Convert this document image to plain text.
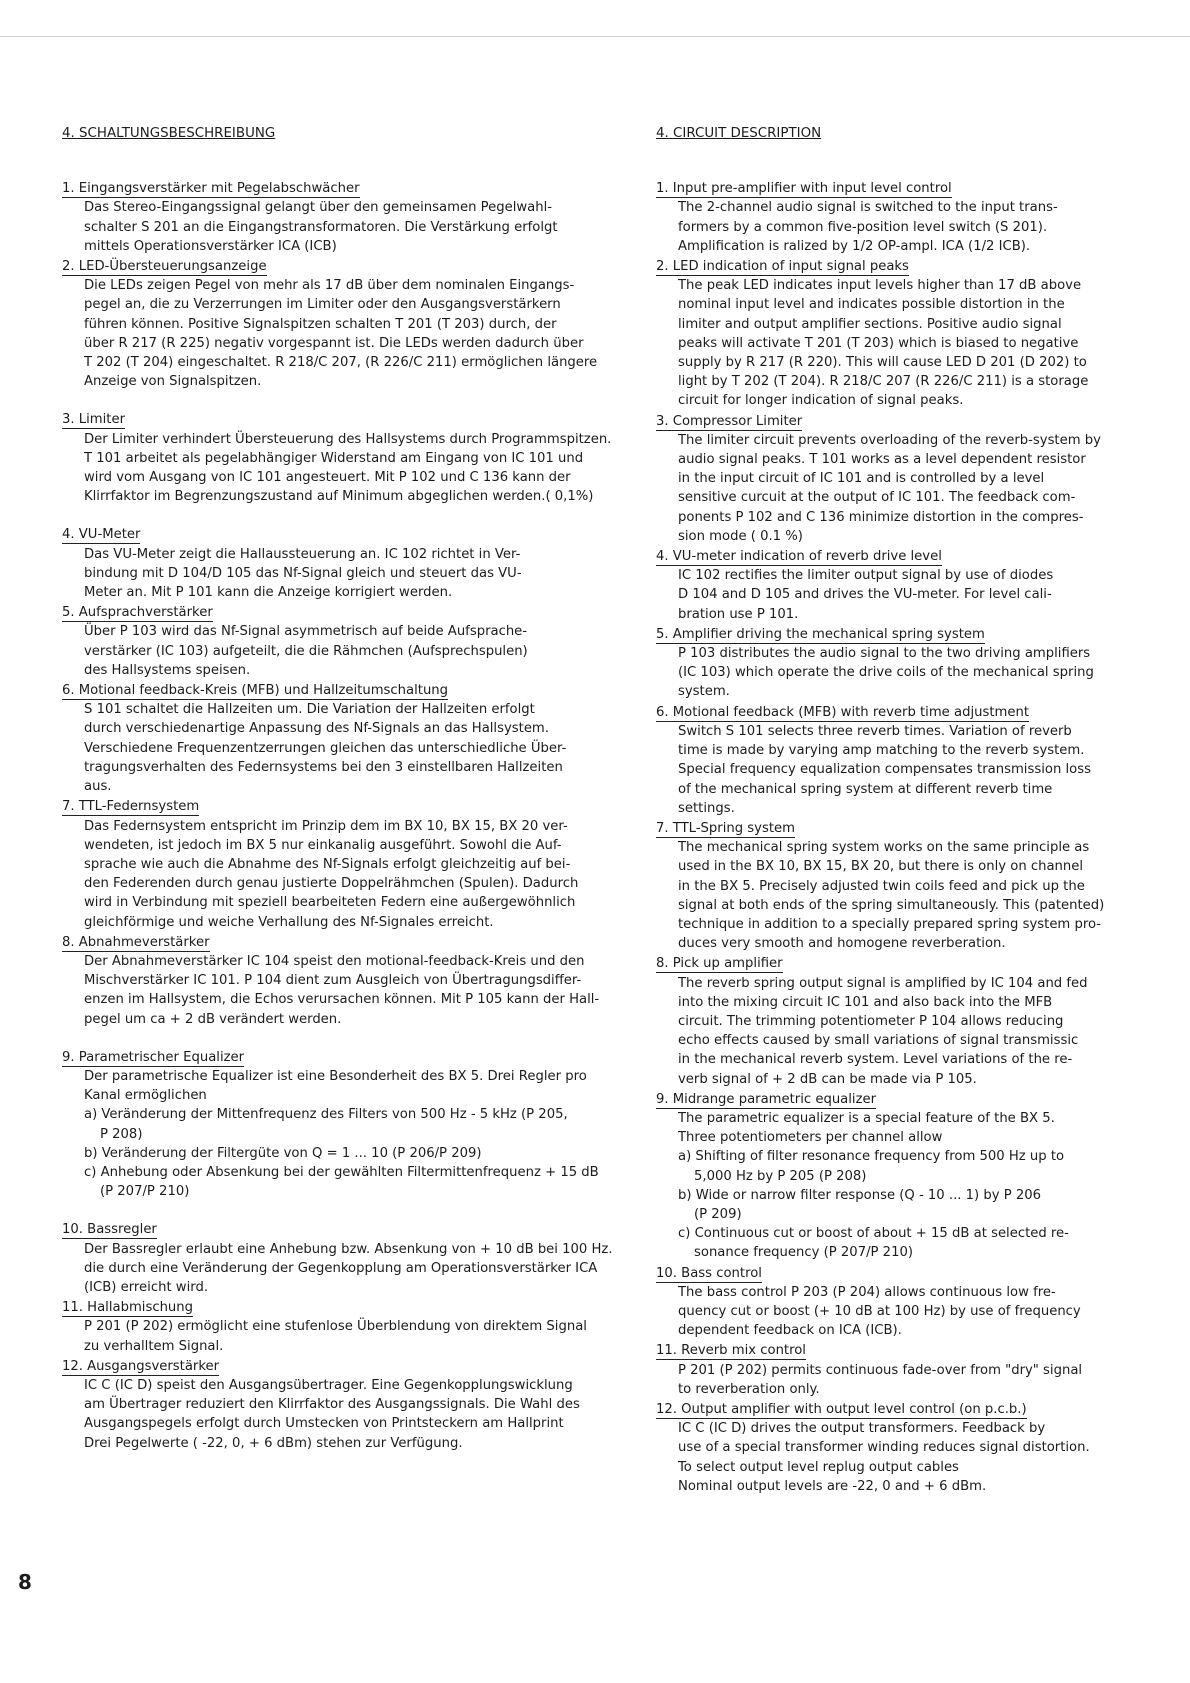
4. SCHALTUNGSBESCHREIBUNG
1. Eingangsverstärker mit Pegelabschwächer

Das Stereo-Eingangssignal gelangt über den gemeinsamen Pegelwahl-

schalter S 201 an die Eingangstransformatoren. Die Verstärkung erfolgt

mittels Operationsverstärker ICA (ICB)

2. LED-Übersteuerungsanzeige

Die LEDs zeigen Pegel von mehr als 17 dB über dem nominalen Eingangs-

pegel an, die zu Verzerrungen im Limiter oder den Ausgangsverstärkern

führen können. Positive Signalspitzen schalten T 201 (T 203) durch, der

über R 217 (R 225) negativ vorgespannt ist. Die LEDs werden dadurch über

T 202 (T 204) eingeschaltet. R 218/C 207, (R 226/C 211) ermöglichen längere

Anzeige von Signalspitzen.

3. Limiter

Der Limiter verhindert Übersteuerung des Hallsystems durch Programmspitzen.

T 101 arbeitet als pegelabhängiger Widerstand am Eingang von IC 101 und

wird vom Ausgang von IC 101 angesteuert. Mit P 102 und C 136 kann der

Klirrfaktor im Begrenzungszustand auf Minimum abgeglichen werden.( 0,1%)

4. VU-Meter

Das VU-Meter zeigt die Hallaussteuerung an. IC 102 richtet in Ver-

bindung mit D 104/D 105 das Nf-Signal gleich und steuert das VU-

Meter an. Mit P 101 kann die Anzeige korrigiert werden.

5. Aufsprachverstärker

Über P 103 wird das Nf-Signal asymmetrisch auf beide Aufsprache-

verstärker (IC 103) aufgeteilt, die die Rähmchen (Aufsprechspulen)

des Hallsystems speisen.

6. Motional feedback-Kreis (MFB) und Hallzeitumschaltung

S 101 schaltet die Hallzeiten um. Die Variation der Hallzeiten erfolgt

durch verschiedenartige Anpassung des Nf-Signals an das Hallsystem.

Verschiedene Frequenzentzerrungen gleichen das unterschiedliche Über-

tragungsverhalten des Federnsystems bei den 3 einstellbaren Hallzeiten

aus.

7. TTL-Federnsystem

Das Federnsystem entspricht im Prinzip dem im BX 10, BX 15, BX 20 ver-

wendeten, ist jedoch im BX 5 nur einkanalig ausgeführt. Sowohl die Auf-

sprache wie auch die Abnahme des Nf-Signals erfolgt gleichzeitig auf bei-

den Federenden durch genau justierte Doppelrähmchen (Spulen). Dadurch

wird in Verbindung mit speziell bearbeiteten Federn eine außergewöhnlich

gleichförmige und weiche Verhallung des Nf-Signales erreicht.

8. Abnahmeverstärker

Der Abnahmeverstärker IC 104 speist den motional-feedback-Kreis und den

Mischverstärker IC 101. P 104 dient zum Ausgleich von Übertragungsdiffer-

enzen im Hallsystem, die Echos verursachen können. Mit P 105 kann der Hall-

pegel um ca + 2 dB verändert werden.

9. Parametrischer Equalizer

Der parametrische Equalizer ist eine Besonderheit des BX 5. Drei Regler pro

Kanal ermöglichen

a) Veränderung der Mittenfrequenz des Filters von 500 Hz - 5 kHz (P 205,

P 208)

b) Veränderung der Filtergüte von Q = 1 ... 10 (P 206/P 209)

c) Anhebung oder Absenkung bei der gewählten Filtermittenfrequenz + 15 dB

(P 207/P 210)

10. Bassregler

Der Bassregler erlaubt eine Anhebung bzw. Absenkung von + 10 dB bei 100 Hz.

die durch eine Veränderung der Gegenkopplung am Operationsverstärker ICA

(ICB) erreicht wird.

11. Hallabmischung

P 201 (P 202) ermöglicht eine stufenlose Überblendung von direktem Signal

zu verhalltem Signal.

12. Ausgangsverstärker

IC C (IC D) speist den Ausgangsübertrager. Eine Gegenkopplungswicklung

am Übertrager reduziert den Klirrfaktor des Ausgangssignals. Die Wahl des

Ausgangspegels erfolgt durch Umstecken von Printsteckern am Hallprint

Drei Pegelwerte ( -22, 0, + 6 dBm) stehen zur Verfügung.

4. CIRCUIT DESCRIPTION
1. Input pre-amplifier with input level control

The 2-channel audio signal is switched to the input trans-

formers by a common five-position level switch (S 201).

Amplification is ralized by 1/2 OP-ampl. ICA (1/2 ICB).

2. LED indication of input signal peaks

The peak LED indicates input levels higher than 17 dB above

nominal input level and indicates possible distortion in the

limiter and output amplifier sections. Positive audio signal

peaks will activate T 201 (T 203) which is biased to negative

supply by R 217 (R 220). This will cause LED D 201 (D 202) to

light by T 202 (T 204). R 218/C 207 (R 226/C 211) is a storage

circuit for longer indication of signal peaks.

3. Compressor Limiter

The limiter circuit prevents overloading of the reverb-system by

audio signal peaks. T 101 works as a level dependent resistor

in the input circuit of IC 101 and is controlled by a level

sensitive curcuit at the output of IC 101. The feedback com-

ponents P 102 and C 136 minimize distortion in the compres-

sion mode ( 0.1 %)

4. VU-meter indication of reverb drive level

IC 102 rectifies the limiter output signal by use of diodes

D 104 and D 105 and drives the VU-meter. For level cali-

bration use P 101.

5. Amplifier driving the mechanical spring system

P 103 distributes the audio signal to the two driving amplifiers

(IC 103) which operate the drive coils of the mechanical spring

system.

6. Motional feedback (MFB) with reverb time adjustment

Switch S 101 selects three reverb times. Variation of reverb

time is made by varying amp matching to the reverb system.

Special frequency equalization compensates transmission loss

of the mechanical spring system at different reverb time

settings.

7. TTL-Spring system

The mechanical spring system works on the same principle as

used in the BX 10, BX 15, BX 20, but there is only on channel

in the BX 5. Precisely adjusted twin coils feed and pick up the

signal at both ends of the spring simultaneously. This (patented)

technique in addition to a specially prepared spring system pro-

duces very smooth and homogene reverberation.

8. Pick up amplifier

The reverb spring output signal is amplified by IC 104 and fed

into the mixing circuit IC 101 and also back into the MFB

circuit. The trimming potentiometer P 104 allows reducing

echo effects caused by small variations of signal transmissic

in the mechanical reverb system. Level variations of the re-

verb signal of + 2 dB can be made via P 105.

9. Midrange parametric equalizer

The parametric equalizer is a special feature of the BX 5.

Three potentiometers per channel allow

a) Shifting of filter resonance frequency from 500 Hz up to

5,000 Hz by P 205 (P 208)

b) Wide or narrow filter response (Q - 10 ... 1) by P 206

(P 209)

c) Continuous cut or boost of about + 15 dB at selected re-

sonance frequency (P 207/P 210)

10. Bass control

The bass control P 203 (P 204) allows continuous low fre-

quency cut or boost (+ 10 dB at 100 Hz) by use of frequency

dependent feedback on ICA (ICB).

11. Reverb mix control

P 201 (P 202) permits continuous fade-over from "dry" signal

to reverberation only.

12. Output amplifier with output level control (on p.c.b.)

IC C (IC D) drives the output transformers. Feedback by

use of a special transformer winding reduces signal distortion.

To select output level replug output cables

Nominal output levels are -22, 0 and + 6 dBm.

8
